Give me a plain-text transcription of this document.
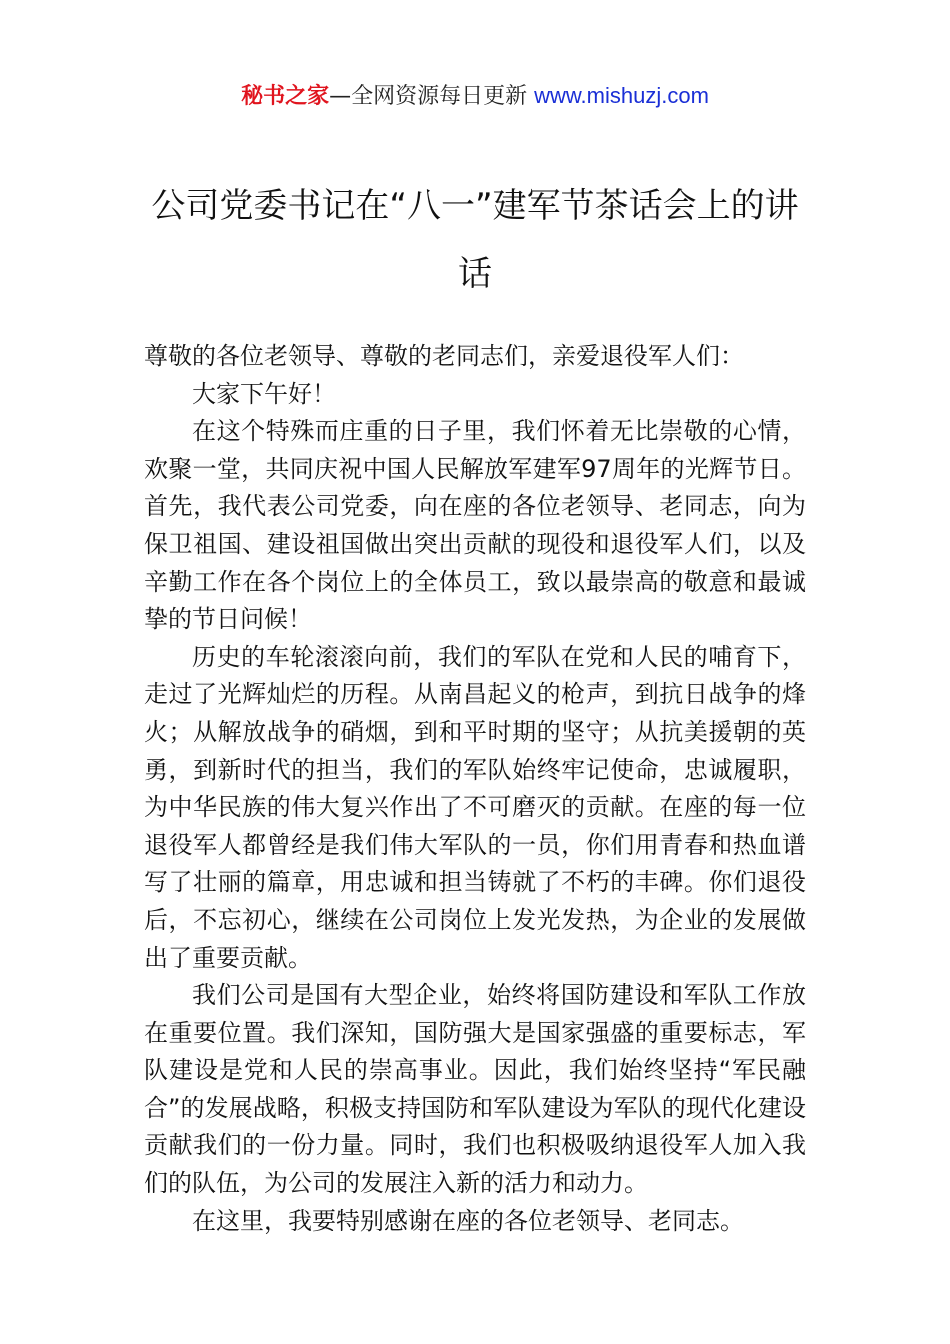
秘书之家—全网资源每日更新 www.mishuzj.com
公司党委书记在“八一”建军节茶话会上的讲话

尊敬的各位老领导、尊敬的老同志们，亲爱退役军人们：

大家下午好！

在这个特殊而庄重的日子里，我们怀着无比崇敬的心情，欢聚一堂，共同庆祝中国人民解放军建军97周年的光辉节日。首先，我代表公司党委，向在座的各位老领导、老同志，向为保卫祖国、建设祖国做出突出贡献的现役和退役军人们，以及辛勤工作在各个岗位上的全体员工，致以最崇高的敬意和最诚挚的节日问候！

历史的车轮滚滚向前，我们的军队在党和人民的哺育下，走过了光辉灿烂的历程。从南昌起义的枪声，到抗日战争的烽火；从解放战争的硝烟，到和平时期的坚守；从抗美援朝的英勇，到新时代的担当，我们的军队始终牢记使命，忠诚履职，为中华民族的伟大复兴作出了不可磨灭的贡献。在座的每一位退役军人都曾经是我们伟大军队的一员，你们用青春和热血谱写了壮丽的篇章，用忠诚和担当铸就了不朽的丰碑。你们退役后，不忘初心，继续在公司岗位上发光发热，为企业的发展做出了重要贡献。

我们公司是国有大型企业，始终将国防建设和军队工作放在重要位置。我们深知，国防强大是国家强盛的重要标志，军队建设是党和人民的崇高事业。因此，我们始终坚持“军民融合”的发展战略，积极支持国防和军队建设为军队的现代化建设贡献我们的一份力量。同时，我们也积极吸纳退役军人加入我们的队伍，为公司的发展注入新的活力和动力。

在这里，我要特别感谢在座的各位老领导、老同志。
